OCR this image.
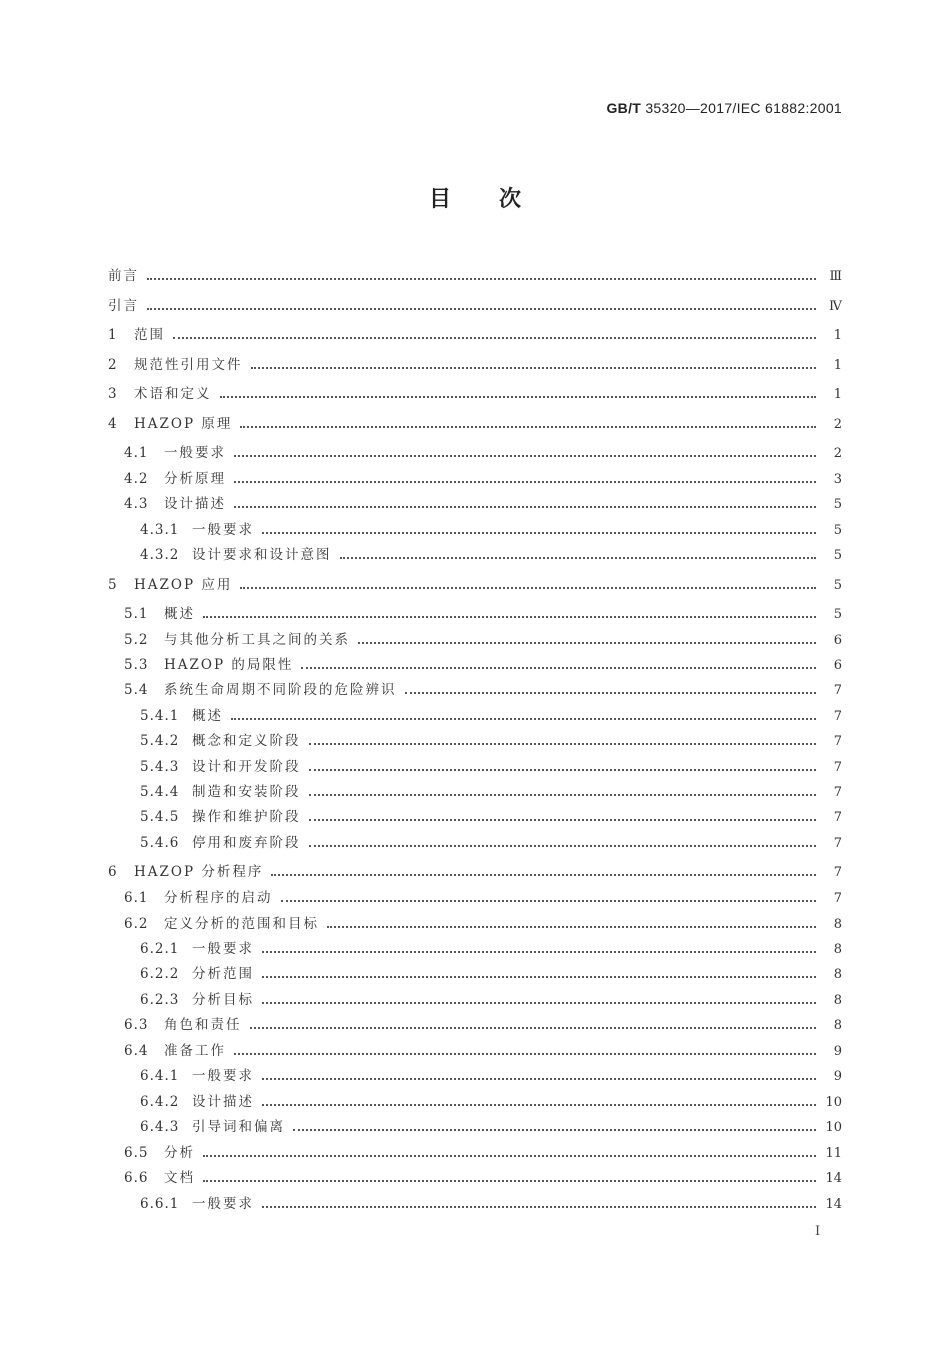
GB/T 35320—2017/IEC 61882:2001
目 次
前言	Ⅲ
引言	Ⅳ
1	范围	1
2	规范性引用文件	1
3	术语和定义	1
4	HAZOP 原理	2
4.1	一般要求	2
4.2	分析原理	3
4.3	设计描述	5
4.3.1 一般要求	5
4.3.2 设计要求和设计意图	5
5	HAZOP 应用	5
5.1	概述	5
5.2	与其他分析工具之间的关系	6
5.3	HAZOP 的局限性	6
5.4	系统生命周期不同阶段的危险辨识	7
5.4.1 概述	7
5.4.2 概念和定义阶段	7
5.4.3 设计和开发阶段	7
5.4.4 制造和安装阶段	7
5.4.5 操作和维护阶段	7
5.4.6 停用和废弃阶段	7
6	HAZOP 分析程序	7
6.1	分析程序的启动	7
6.2	定义分析的范围和目标	8
6.2.1 一般要求	8
6.2.2 分析范围	8
6.2.3 分析目标	8
6.3	角色和责任	8
6.4	准备工作	9
6.4.1 一般要求	9
6.4.2 设计描述	10
6.4.3 引导词和偏离	10
6.5	分析	11
6.6	文档	14
6.6.1 一般要求	14
I
